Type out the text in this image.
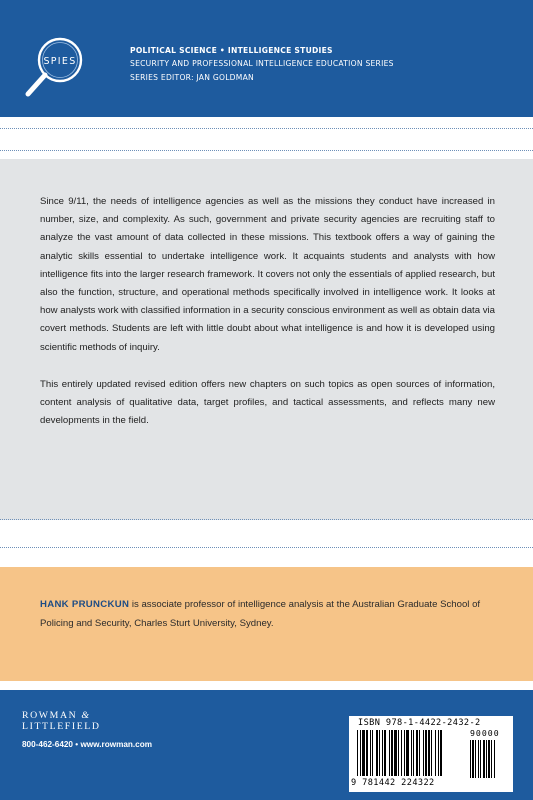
SPIES
POLITICAL SCIENCE • INTELLIGENCE STUDIES
SECURITY AND PROFESSIONAL INTELLIGENCE EDUCATION SERIES
SERIES EDITOR: JAN GOLDMAN

Since 9/11, the needs of intelligence agencies as well as the missions they conduct have increased in number, size, and complexity. As such, government and private security agencies are recruiting staff to analyze the vast amount of data collected in these missions. This textbook offers a way of gaining the analytic skills essential to undertake intelligence work. It acquaints students and analysts with how intelligence fits into the larger research framework. It covers not only the essentials of applied research, but also the function, structure, and operational methods specifically involved in intelligence work. It looks at how analysts work with classified information in a security conscious environment as well as obtain data via covert methods. Students are left with little doubt about what intelligence is and how it is developed using scientific methods of inquiry.

This entirely updated revised edition offers new chapters on such topics as open sources of information, content analysis of qualitative data, target profiles, and tactical assessments, and reflects many new developments in the field.

HANK PRUNCKUN is associate professor of intelligence analysis at the Australian Graduate School of Policing and Security, Charles Sturt University, Sydney.
ROWMAN &
LITTLEFIELD
800-462-6420 • www.rowman.com
ISBN 978-1-4422-2432-2
90000
9 781442 224322
